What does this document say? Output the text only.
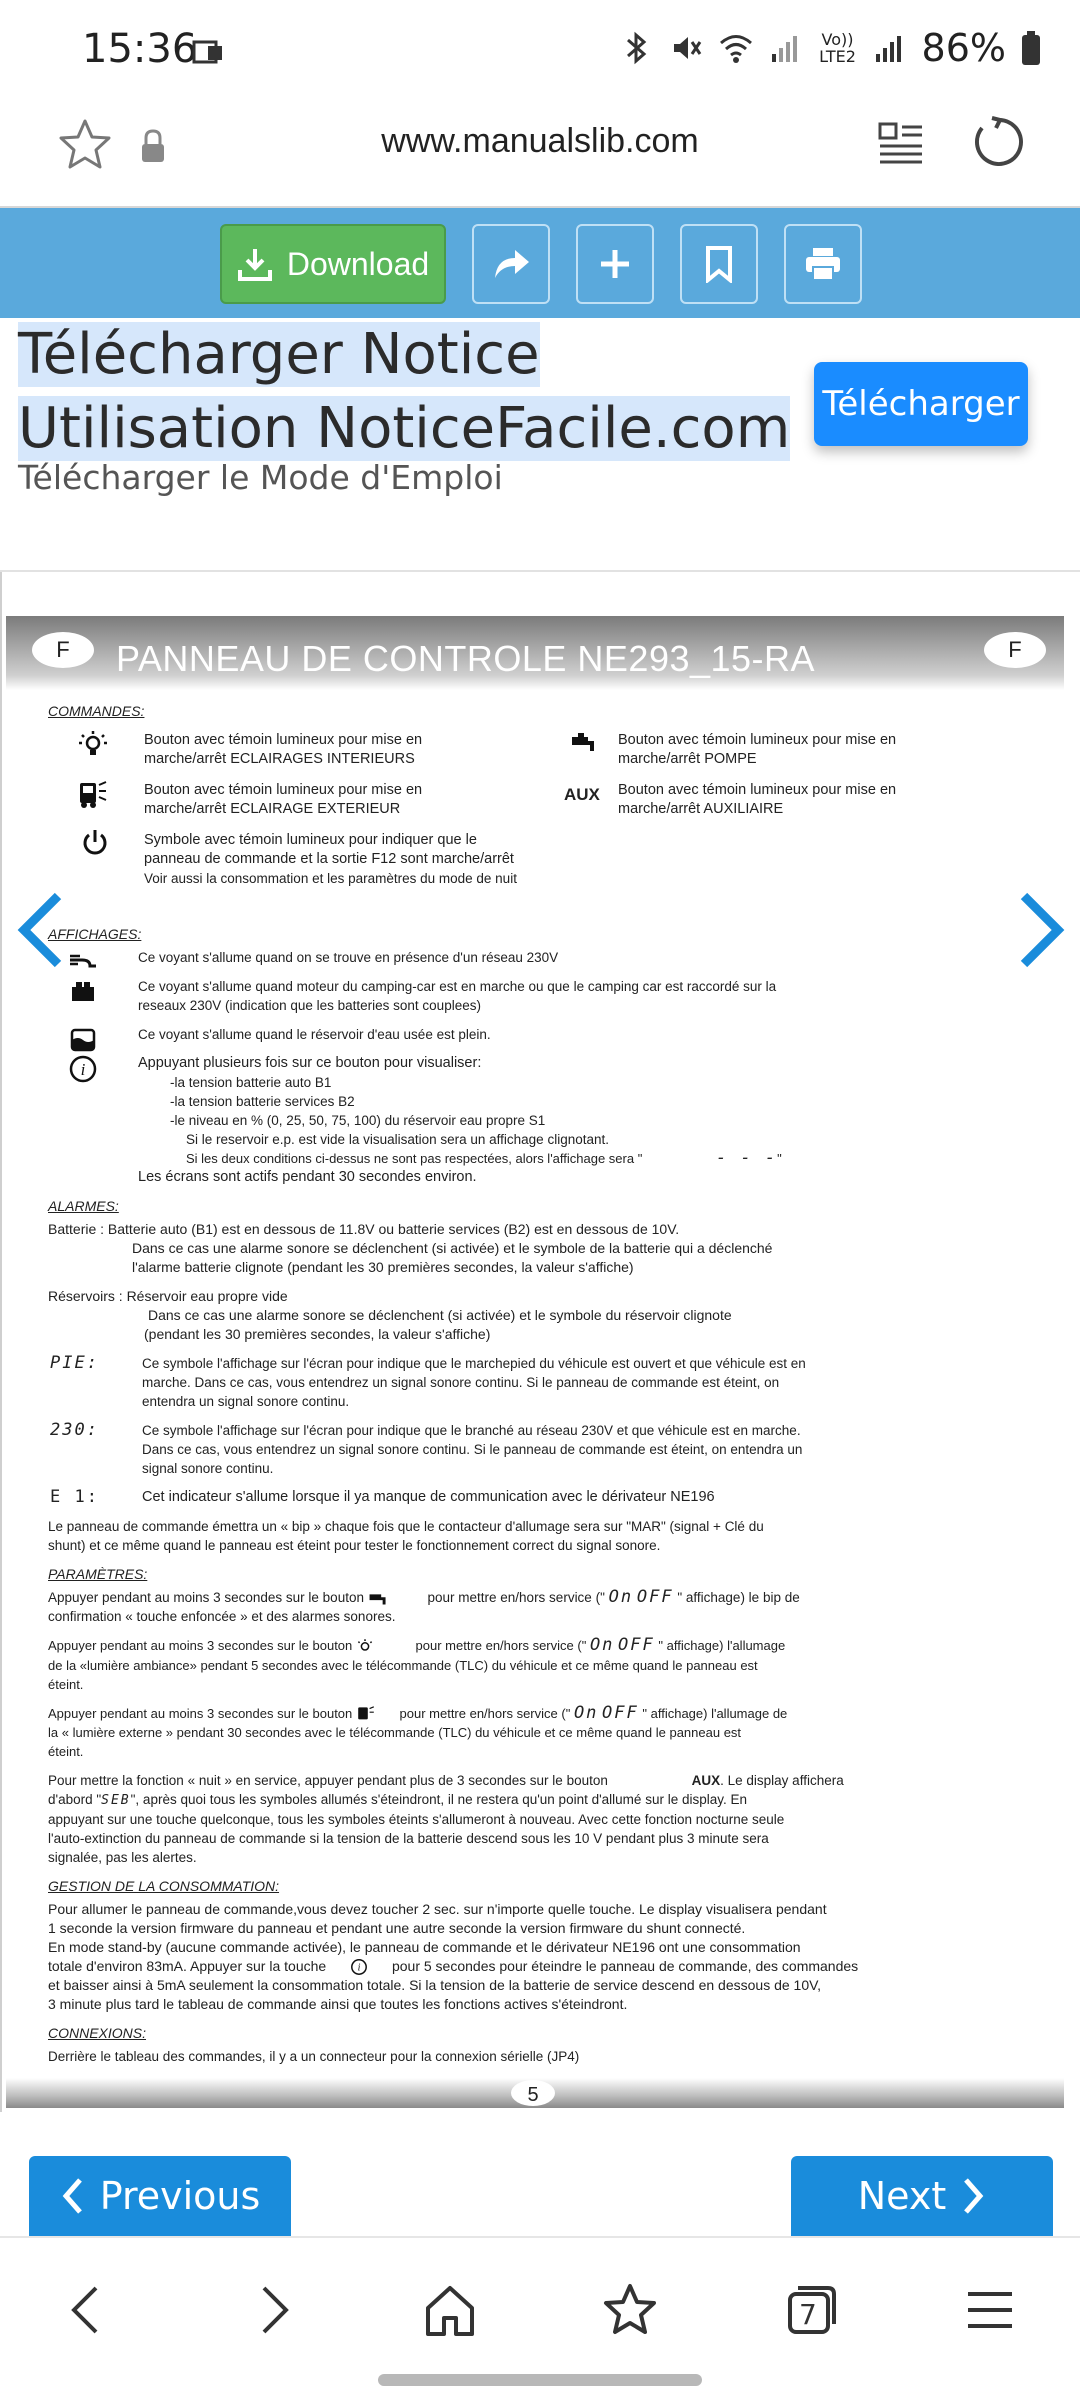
15:36	Vo)) LTE2 86%
www.manualslib.com
Download
Télécharger Notice
Utilisation NoticeFacile.com
Télécharger le Mode d'Emploi
Télécharger
F	PANNEAU DE CONTROLE NE293_15-RA	F
COMMANDES:
Bouton avec témoin lumineux pour mise en marche/arrêt ECLAIRAGES INTERIEURS
Bouton avec témoin lumineux pour mise en marche/arrêt POMPE
Bouton avec témoin lumineux pour mise en marche/arrêt ECLAIRAGE EXTERIEUR
AUX Bouton avec témoin lumineux pour mise en marche/arrêt AUXILIAIRE
Symbole avec témoin lumineux pour indiquer que le
panneau de commande et la sortie F12 sont marche/arrêt
Voir aussi la consommation et les paramètres du mode de nuit
AFFICHAGES:
Ce voyant s'allume quand on se trouve en présence d'un réseau 230V
Ce voyant s'allume quand moteur du camping-car est en marche ou que le camping car est raccordé sur la
reseaux 230V (indication que les batteries sont couplees)
Ce voyant s'allume quand le réservoir d'eau usée est plein.
i	Appuyant plusieurs fois sur ce bouton pour visualiser:
-la tension batterie auto B1
-la tension batterie services B2
-le niveau en % (0, 25, 50, 75, 100) du réservoir eau propre S1
Si le reservoir e.p. est vide la visualisation sera un affichage clignotant.
Si les deux conditions ci-dessus ne sont pas respectées, alors l'affichage sera "	- - -"
Les écrans sont actifs pendant 30 secondes environ.
ALARMES:
Batterie : Batterie auto (B1) est en dessous de 11.8V ou batterie services (B2) est en dessous de 10V.
Dans ce cas une alarme sonore se déclenchent (si activée) et le symbole de la batterie qui a déclenché
l'alarme batterie clignote (pendant les 30 premières secondes, la valeur s'affiche)
Réservoirs : Réservoir eau propre vide
Dans ce cas une alarme sonore se déclenchent (si activée) et le symbole du réservoir clignote
(pendant les 30 premières secondes, la valeur s'affiche)
PIE:	Ce symbole l'affichage sur l'écran pour indique que le marchepied du véhicule est ouvert et que véhicule est en
marche. Dans ce cas, vous entendrez un signal sonore continu. Si le panneau de commande est éteint, on
entendra un signal sonore continu.
230:	Ce symbole l'affichage sur l'écran pour indique que le branché au réseau 230V et que véhicule est en marche.
Dans ce cas, vous entendrez un signal sonore continu. Si le panneau de commande est éteint, on entendra un
signal sonore continu.
E 1:	Cet indicateur s'allume lorsque il ya manque de communication avec le dérivateur NE196
Le panneau de commande émettra un « bip » chaque fois que le contacteur d'allumage sera sur "MAR" (signal + Clé du
shunt) et ce même quand le panneau est éteint pour tester le fonctionnement correct du signal sonore.
PARAMÈTRES:
Appuyer pendant au moins 3 secondes sur le bouton	pour mettre en/hors service (" On OFF " affichage) le bip de
confirmation « touche enfoncée » et des alarmes sonores.
Appuyer pendant au moins 3 secondes sur le bouton	pour mettre en/hors service (" On OFF " affichage) l'allumage
de la «lumière ambiance» pendant 5 secondes avec le télécommande (TLC) du véhicule et ce même quand le panneau est
éteint.
Appuyer pendant au moins 3 secondes sur le bouton	pour mettre en/hors service (" On OFF " affichage) l'allumage de
la « lumière externe » pendant 30 secondes avec le télécommande (TLC) du véhicule et ce même quand le panneau est
éteint.
Pour mettre la fonction « nuit » en service, appuyer pendant plus de 3 secondes sur le bouton	AUX. Le display affichera
d'abord "SEB", après quoi tous les symboles allumés s'éteindront, il ne restera qu'un point d'allumé sur le display. En
appuyant sur une touche quelconque, tous les symboles éteints s'allumeront à nouveau. Avec cette fonction nocturne seule
l'auto-extinction du panneau de commande si la tension de la batterie descend sous les 10 V pendant plus 3 minute sera
signalée, pas les alertes.
GESTION DE LA CONSOMMATION:
Pour allumer le panneau de commande,vous devez toucher 2 sec. sur n'importe quelle touche. Le display visualisera pendant
1 seconde la version firmware du panneau et pendant une autre seconde la version firmware du shunt connecté.
En mode stand-by (aucune commande activée), le panneau de commande et le dérivateur NE196 ont une consommation
totale d'environ 83mA. Appuyer sur la touche i pour 5 secondes pour éteindre le panneau de commande, des commandes
et baisser ainsi à 5mA seulement la consommation totale. Si la tension de la batterie de service descend en dessous de 10V,
3 minute plus tard le tableau de commande ainsi que toutes les fonctions actives s'éteindront.
CONNEXIONS:
Derrière le tableau des commandes, il y a un connecteur pour la connexion sérielle (JP4)
5
Previous	Next
7
